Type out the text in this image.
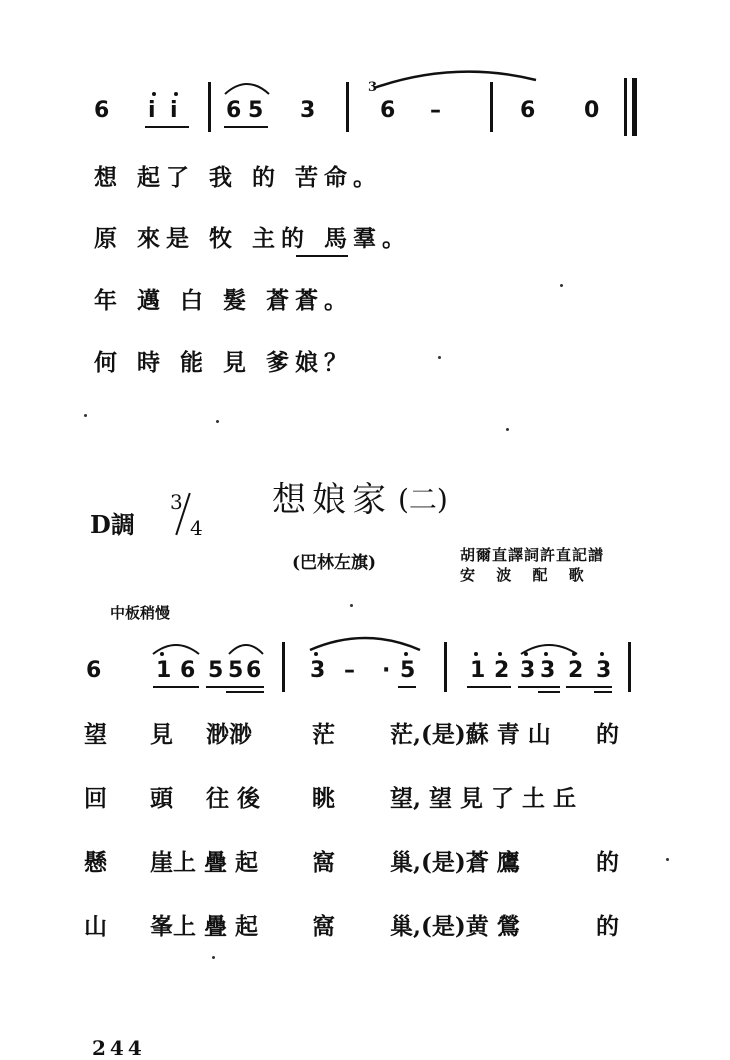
6 i i 6 5 3
3
6 –	6 0
想 起了 我 的 苦命。
原 來是 牧 主的 馬羣。
年 邁 白 髮 蒼蒼。
何 時 能 見 爹娘？
D調
3
4
想娘家 (二)
(巴林左旗)	胡爾直譯詞許直記譜
安 波 配 歌
中板稍慢
6 1 6 5 5 6 3 – · 5 1 2 3 3 2 3
望 見 渺渺	茫 茫,(是)蘇 青 山 的
回 頭 往 後 眺 望, 望 見 了 土 丘
懸 崖上 疊 起 窩 巢,(是)蒼 鷹	的
山 峯上 疊 起 窩 巢,(是)黄 鶯	的
244
